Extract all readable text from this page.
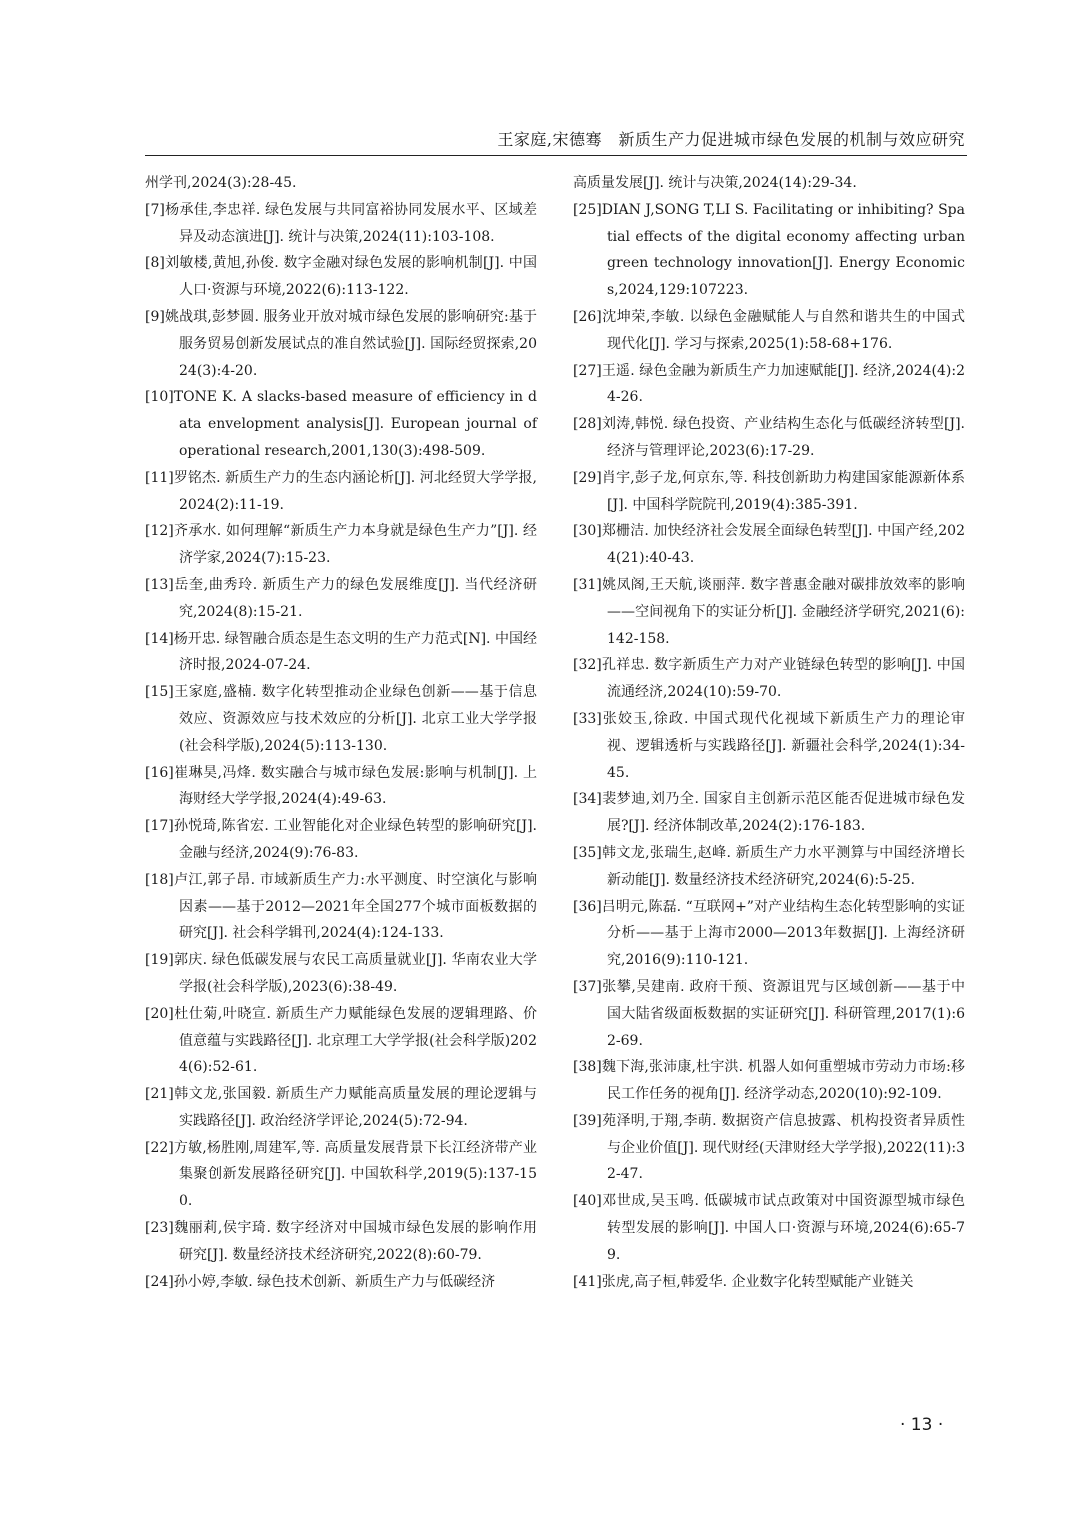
王家庭,宋德骞　新质生产力促进城市绿色发展的机制与效应研究
州学刊,2024(3):28-45.
[7]杨承佳,李忠祥. 绿色发展与共同富裕协同发展水平、区域差异及动态演进[J]. 统计与决策,2024(11):103-108.
[8]刘敏楼,黄旭,孙俊. 数字金融对绿色发展的影响机制[J]. 中国人口·资源与环境,2022(6):113-122.
[9]姚战琪,彭梦圆. 服务业开放对城市绿色发展的影响研究:基于服务贸易创新发展试点的准自然试验[J]. 国际经贸探索,2024(3):4-20.
[10]TONE K. A slacks-based measure of efficiency in data envelopment analysis[J]. European journal of operational research,2001,130(3):498-509.
[11]罗铭杰. 新质生产力的生态内涵论析[J]. 河北经贸大学学报,2024(2):11-19.
[12]齐承水. 如何理解“新质生产力本身就是绿色生产力”[J]. 经济学家,2024(7):15-23.
[13]岳奎,曲秀玲. 新质生产力的绿色发展维度[J]. 当代经济研究,2024(8):15-21.
[14]杨开忠. 绿智融合质态是生态文明的生产力范式[N]. 中国经济时报,2024-07-24.
[15]王家庭,盛楠. 数字化转型推动企业绿色创新——基于信息效应、资源效应与技术效应的分析[J]. 北京工业大学学报(社会科学版),2024(5):113-130.
[16]崔琳昊,冯烽. 数实融合与城市绿色发展:影响与机制[J]. 上海财经大学学报,2024(4):49-63.
[17]孙悦琦,陈省宏. 工业智能化对企业绿色转型的影响研究[J]. 金融与经济,2024(9):76-83.
[18]卢江,郭子昂. 市域新质生产力:水平测度、时空演化与影响因素——基于2012—2021年全国277个城市面板数据的研究[J]. 社会科学辑刊,2024(4):124-133.
[19]郭庆. 绿色低碳发展与农民工高质量就业[J]. 华南农业大学学报(社会科学版),2023(6):38-49.
[20]杜仕菊,叶晓宣. 新质生产力赋能绿色发展的逻辑理路、价值意蕴与实践路径[J]. 北京理工大学学报(社会科学版)2024(6):52-61.
[21]韩文龙,张国毅. 新质生产力赋能高质量发展的理论逻辑与实践路径[J]. 政治经济学评论,2024(5):72-94.
[22]方敏,杨胜刚,周建军,等. 高质量发展背景下长江经济带产业集聚创新发展路径研究[J]. 中国软科学,2019(5):137-150.
[23]魏丽莉,侯宇琦. 数字经济对中国城市绿色发展的影响作用研究[J]. 数量经济技术经济研究,2022(8):60-79.
[24]孙小婷,李敏. 绿色技术创新、新质生产力与低碳经济
高质量发展[J]. 统计与决策,2024(14):29-34.
[25]DIAN J,SONG T,LI S. Facilitating or inhibiting? Spatial effects of the digital economy affecting urban green technology innovation[J]. Energy Economics,2024,129:107223.
[26]沈坤荣,李敏. 以绿色金融赋能人与自然和谐共生的中国式现代化[J]. 学习与探索,2025(1):58-68+176.
[27]王遥. 绿色金融为新质生产力加速赋能[J]. 经济,2024(4):24-26.
[28]刘涛,韩悦. 绿色投资、产业结构生态化与低碳经济转型[J]. 经济与管理评论,2023(6):17-29.
[29]肖宇,彭子龙,何京东,等. 科技创新助力构建国家能源新体系[J]. 中国科学院院刊,2019(4):385-391.
[30]郑栅洁. 加快经济社会发展全面绿色转型[J]. 中国产经,2024(21):40-43.
[31]姚凤阁,王天航,谈丽萍. 数字普惠金融对碳排放效率的影响——空间视角下的实证分析[J]. 金融经济学研究,2021(6):142-158.
[32]孔祥忠. 数字新质生产力对产业链绿色转型的影响[J]. 中国流通经济,2024(10):59-70.
[33]张姣玉,徐政. 中国式现代化视域下新质生产力的理论审视、逻辑透析与实践路径[J]. 新疆社会科学,2024(1):34-45.
[34]裴梦迪,刘乃全. 国家自主创新示范区能否促进城市绿色发展?[J]. 经济体制改革,2024(2):176-183.
[35]韩文龙,张瑞生,赵峰. 新质生产力水平测算与中国经济增长新动能[J]. 数量经济技术经济研究,2024(6):5-25.
[36]吕明元,陈磊. “互联网+”对产业结构生态化转型影响的实证分析——基于上海市2000—2013年数据[J]. 上海经济研究,2016(9):110-121.
[37]张攀,吴建南. 政府干预、资源诅咒与区域创新——基于中国大陆省级面板数据的实证研究[J]. 科研管理,2017(1):62-69.
[38]魏下海,张沛康,杜宇洪. 机器人如何重塑城市劳动力市场:移民工作任务的视角[J]. 经济学动态,2020(10):92-109.
[39]苑泽明,于翔,李萌. 数据资产信息披露、机构投资者异质性与企业价值[J]. 现代财经(天津财经大学学报),2022(11):32-47.
[40]邓世成,吴玉鸣. 低碳城市试点政策对中国资源型城市绿色转型发展的影响[J]. 中国人口·资源与环境,2024(6):65-79.
[41]张虎,高子桓,韩爱华. 企业数字化转型赋能产业链关
· 13 ·
